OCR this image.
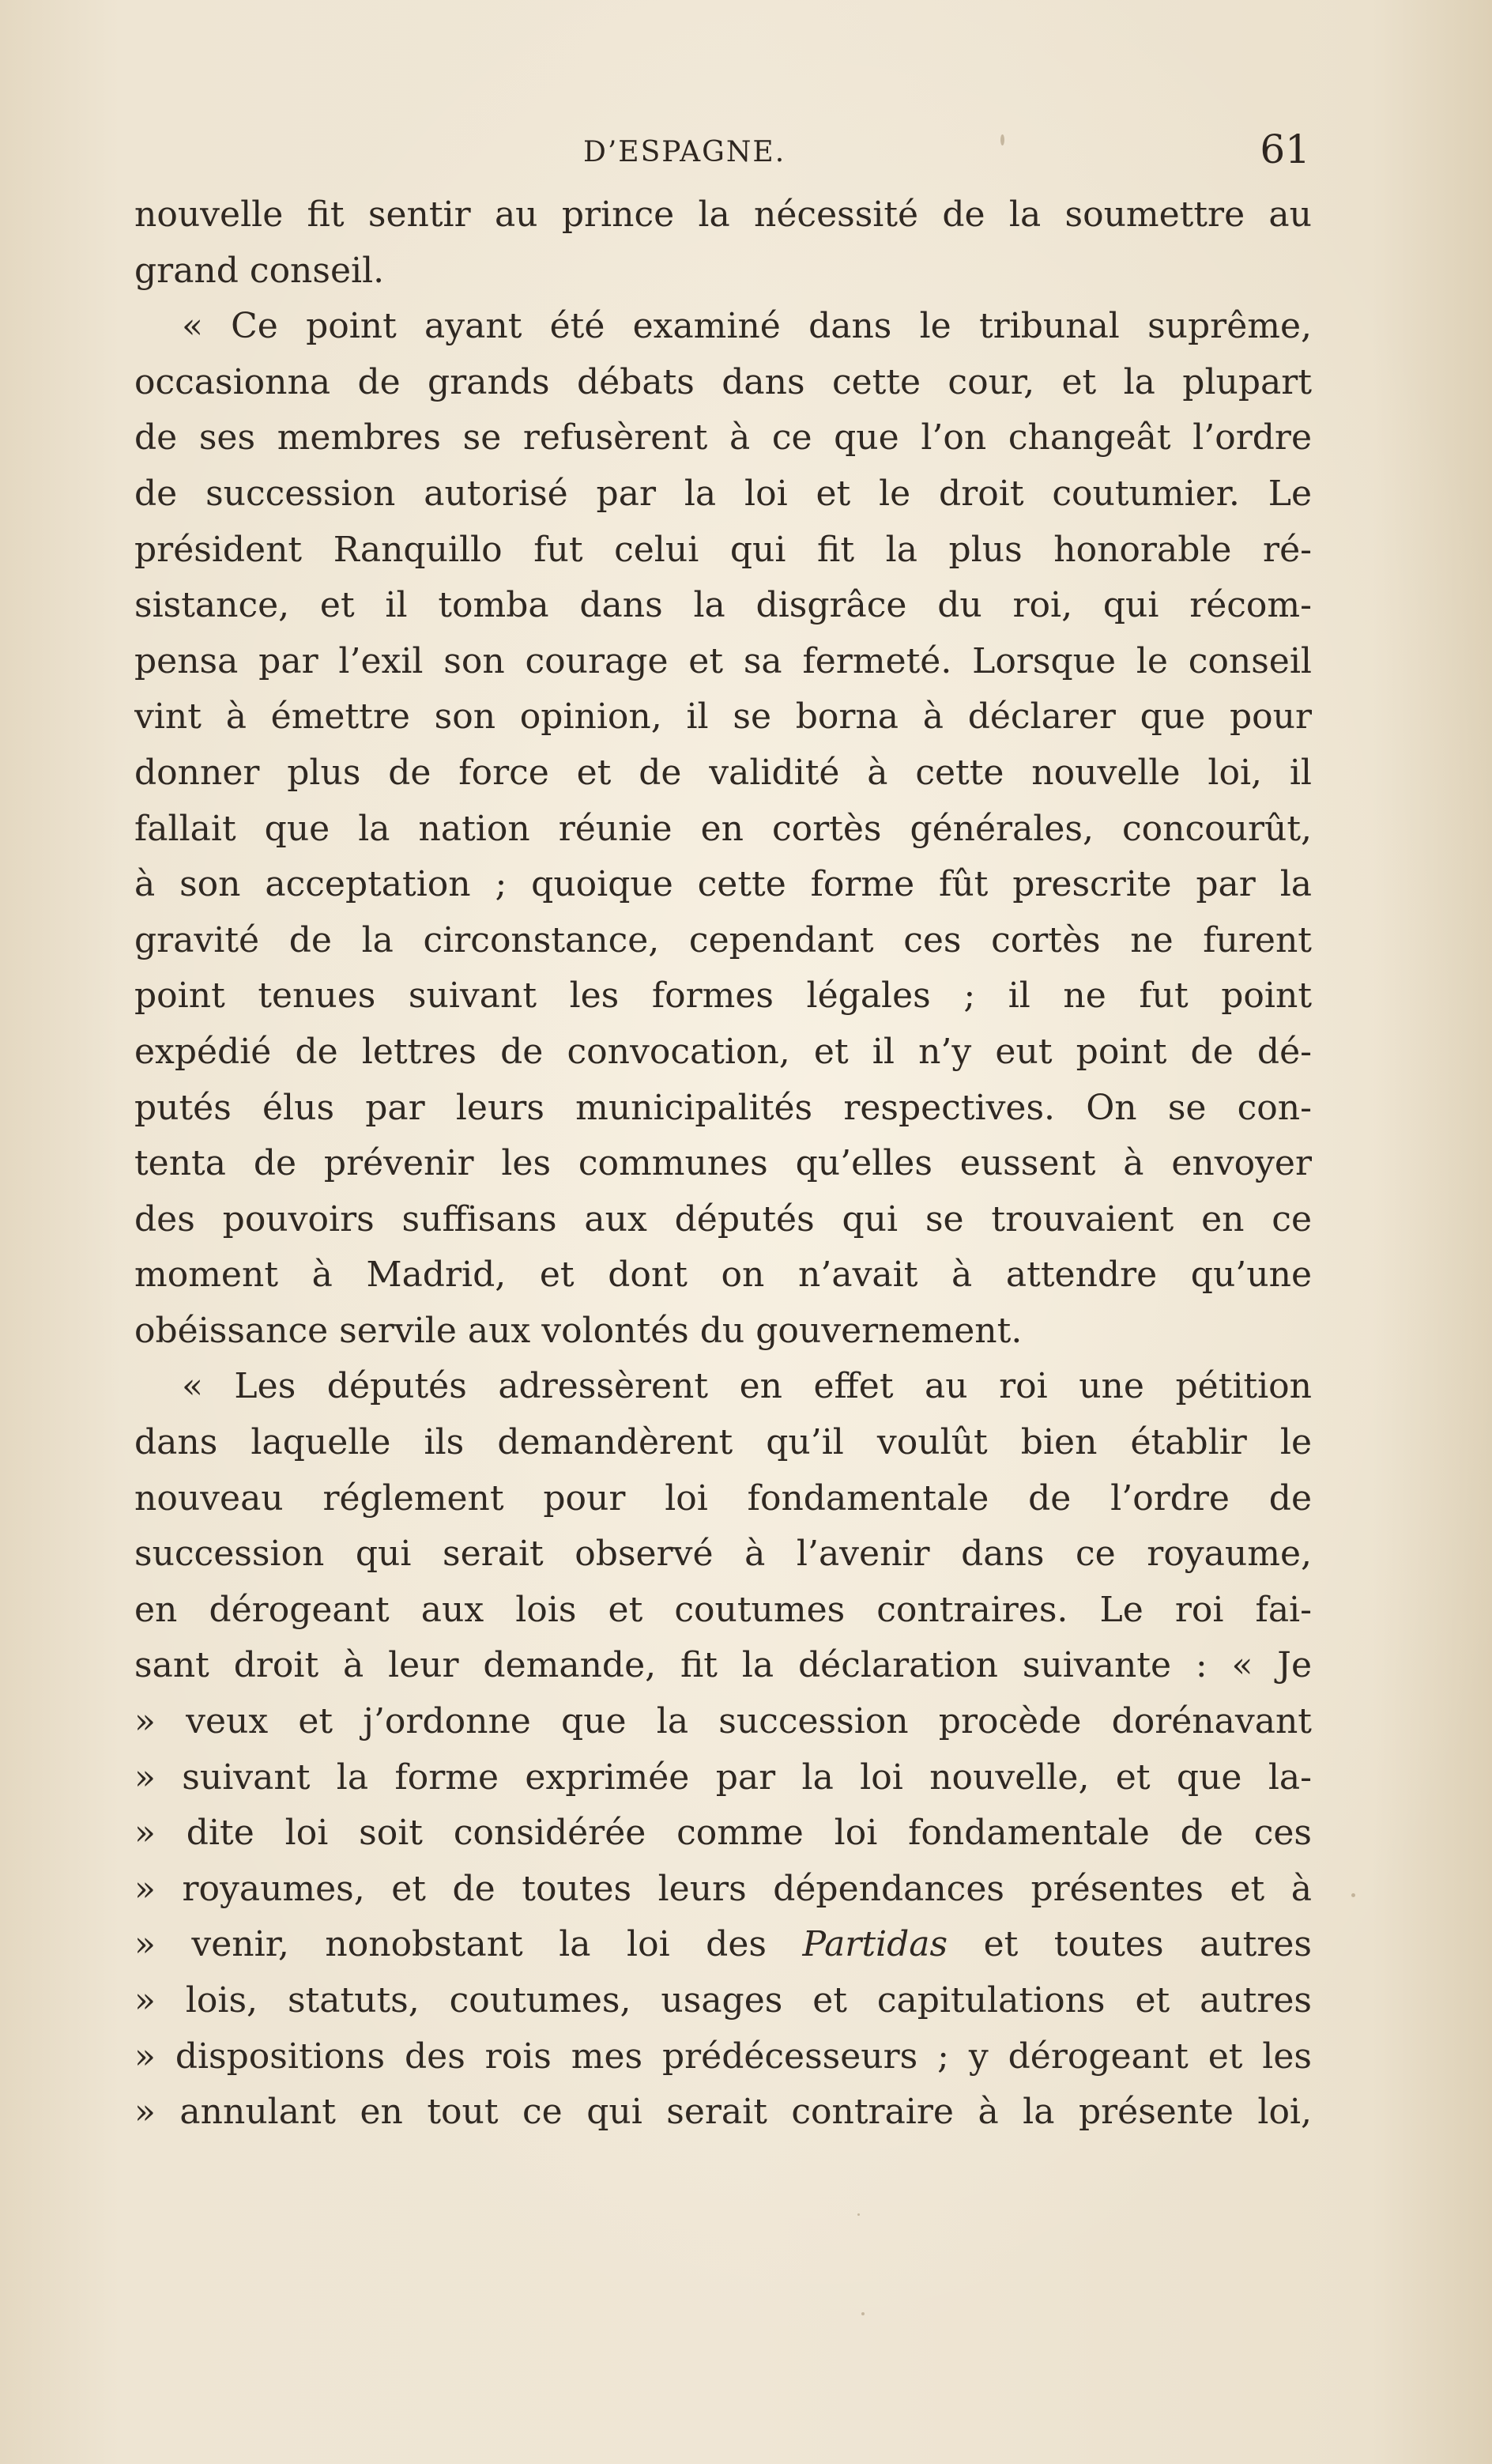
D’ESPAGNE.	61
nouvelle fit sentir au prince la nécessité de la soumettre au
grand conseil.
« Ce point ayant été examiné dans le tribunal suprême,
occasionna de grands débats dans cette cour, et la plupart
de ses membres se refusèrent à ce que l’on changeât l’ordre
de succession autorisé par la loi et le droit coutumier. Le
président Ranquillo fut celui qui fit la plus honorable ré-
sistance, et il tomba dans la disgrâce du roi, qui récom-
pensa par l’exil son courage et sa fermeté. Lorsque le conseil
vint à émettre son opinion, il se borna à déclarer que pour
donner plus de force et de validité à cette nouvelle loi, il
fallait que la nation réunie en cortès générales, concourût,
à son acceptation ; quoique cette forme fût prescrite par la
gravité de la circonstance, cependant ces cortès ne furent
point tenues suivant les formes légales ; il ne fut point
expédié de lettres de convocation, et il n’y eut point de dé-
putés élus par leurs municipalités respectives. On se con-
tenta de prévenir les communes qu’elles eussent à envoyer
des pouvoirs suffisans aux députés qui se trouvaient en ce
moment à Madrid, et dont on n’avait à attendre qu’une
obéissance servile aux volontés du gouvernement.
« Les députés adressèrent en effet au roi une pétition
dans laquelle ils demandèrent qu’il voulût bien établir le
nouveau réglement pour loi fondamentale de l’ordre de
succession qui serait observé à l’avenir dans ce royaume,
en dérogeant aux lois et coutumes contraires. Le roi fai-
sant droit à leur demande, fit la déclaration suivante : « Je
» veux et j’ordonne que la succession procède dorénavant
» suivant la forme exprimée par la loi nouvelle, et que la-
» dite loi soit considérée comme loi fondamentale de ces
» royaumes, et de toutes leurs dépendances présentes et à
» venir, nonobstant la loi des Partidas et toutes autres
» lois, statuts, coutumes, usages et capitulations et autres
» dispositions des rois mes prédécesseurs ; y dérogeant et les
» annulant en tout ce qui serait contraire à la présente loi,
